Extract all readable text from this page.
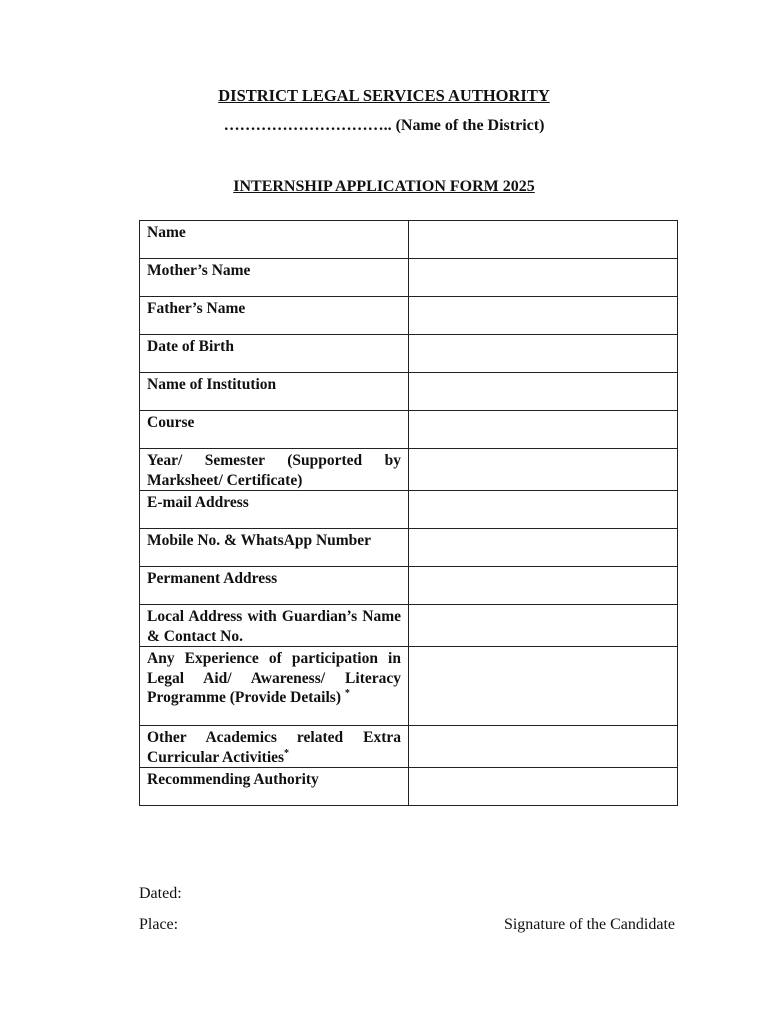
DISTRICT LEGAL SERVICES AUTHORITY
………………………….. (Name of the District)
INTERNSHIP APPLICATION FORM 2025
Name	
Mother’s Name	
Father’s Name	
Date of Birth	
Name of Institution	
Course	
Year/ Semester (Supported by Marksheet/ Certificate)	
E-mail Address	
Mobile No. & WhatsApp Number	
Permanent Address	
Local Address with Guardian’s Name & Contact No.	
Any Experience of participation in Legal Aid/ Awareness/ Literacy Programme (Provide Details) *	
Other Academics related Extra Curricular Activities*	
Recommending Authority	
Dated:
Place:	Signature of the Candidate
